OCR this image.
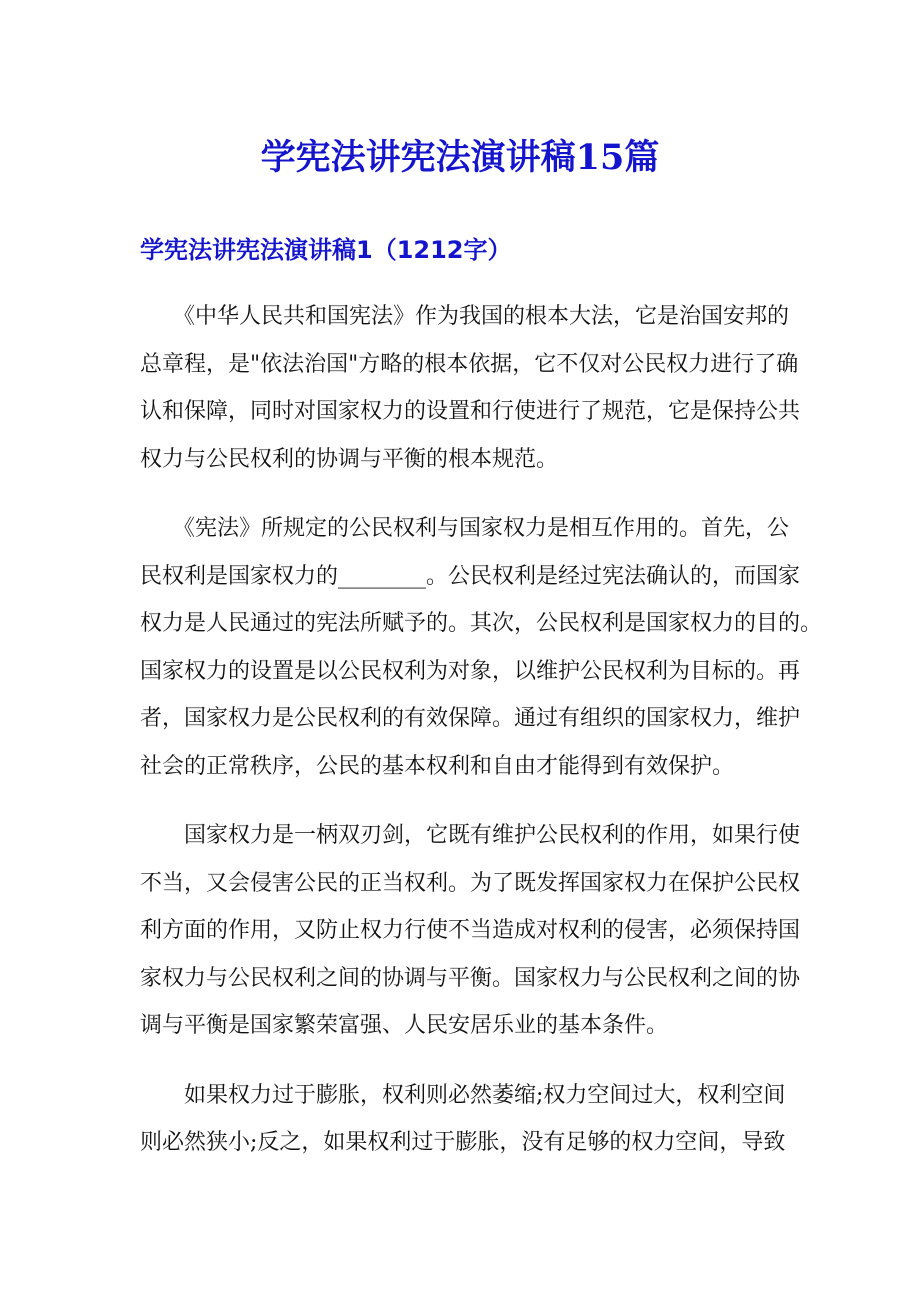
学宪法讲宪法演讲稿15篇
学宪法讲宪法演讲稿1（1212字）

　　《中华人民共和国宪法》作为我国的根本大法，它是治国安邦的
总章程，是"依法治国"方略的根本依据，它不仅对公民权力进行了确
认和保障，同时对国家权力的设置和行使进行了规范，它是保持公共
权力与公民权利的协调与平衡的根本规范。

　　《宪法》所规定的公民权利与国家权力是相互作用的。首先，公
民权利是国家权力的________。公民权利是经过宪法确认的，而国家
权力是人民通过的宪法所赋予的。其次，公民权利是国家权力的目的。
国家权力的设置是以公民权利为对象，以维护公民权利为目标的。再
者，国家权力是公民权利的有效保障。通过有组织的国家权力，维护
社会的正常秩序，公民的基本权利和自由才能得到有效保护。

　　国家权力是一柄双刃剑，它既有维护公民权利的作用，如果行使
不当，又会侵害公民的正当权利。为了既发挥国家权力在保护公民权
利方面的作用，又防止权力行使不当造成对权利的侵害，必须保持国
家权力与公民权利之间的协调与平衡。国家权力与公民权利之间的协
调与平衡是国家繁荣富强、人民安居乐业的基本条件。

　　如果权力过于膨胀，权利则必然萎缩;权力空间过大，权利空间
则必然狭小;反之，如果权利过于膨胀，没有足够的权力空间，导致
